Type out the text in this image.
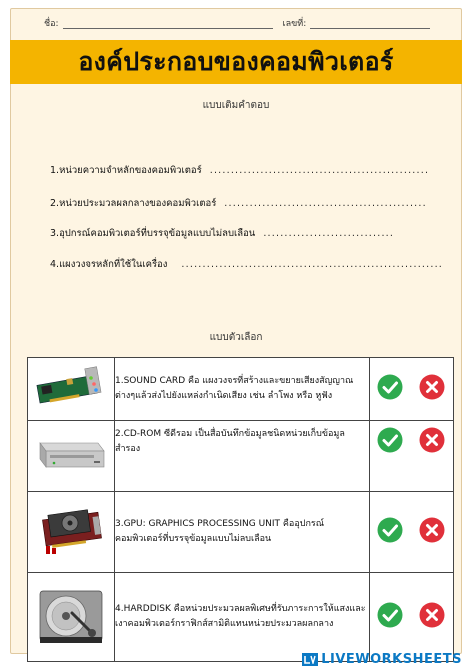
ชื่อ:	เลขที่:
องค์ประกอบของคอมพิวเตอร์
แบบเติมคำตอบ
1.หน่วยความจำหลักของคอมพิวเตอร์ ....................................................
2.หน่วยประมวลผลกลางของคอมพิวเตอร์ ................................................
3.อุปกรณ์คอมพิวเตอร์ที่บรรจุข้อมูลแบบไม่ลบเลือน ...............................
4.แผงวงจรหลักที่ใช้ในเครื่อง ..............................................................
แบบตัวเลือก
	1.SOUND CARD คือ แผงวงจรที่สร้างและขยายเสียงสัญญาณต่างๆแล้วส่งไปยังแหล่งกำเนิดเสียง เช่น ลำโพง หรือ หูฟัง	

	2.CD-ROM ซีดีรอม เป็นสื่อบันทึกข้อมูลชนิดหน่วยเก็บข้อมูลสำรอง	

	3.GPU: GRAPHICS PROCESSING UNIT คืออุปกรณ์คอมพิวเตอร์ที่บรรจุข้อมูลแบบไม่ลบเลือน	

	4.HARDDISK คือหน่วยประมวลผลพิเศษที่รับภาระการให้แสงและเงาคอมพิวเตอร์กราฟิกส์สามิติแทนหน่วยประมวลผลกลาง	
LIVEWORKSHEETS
